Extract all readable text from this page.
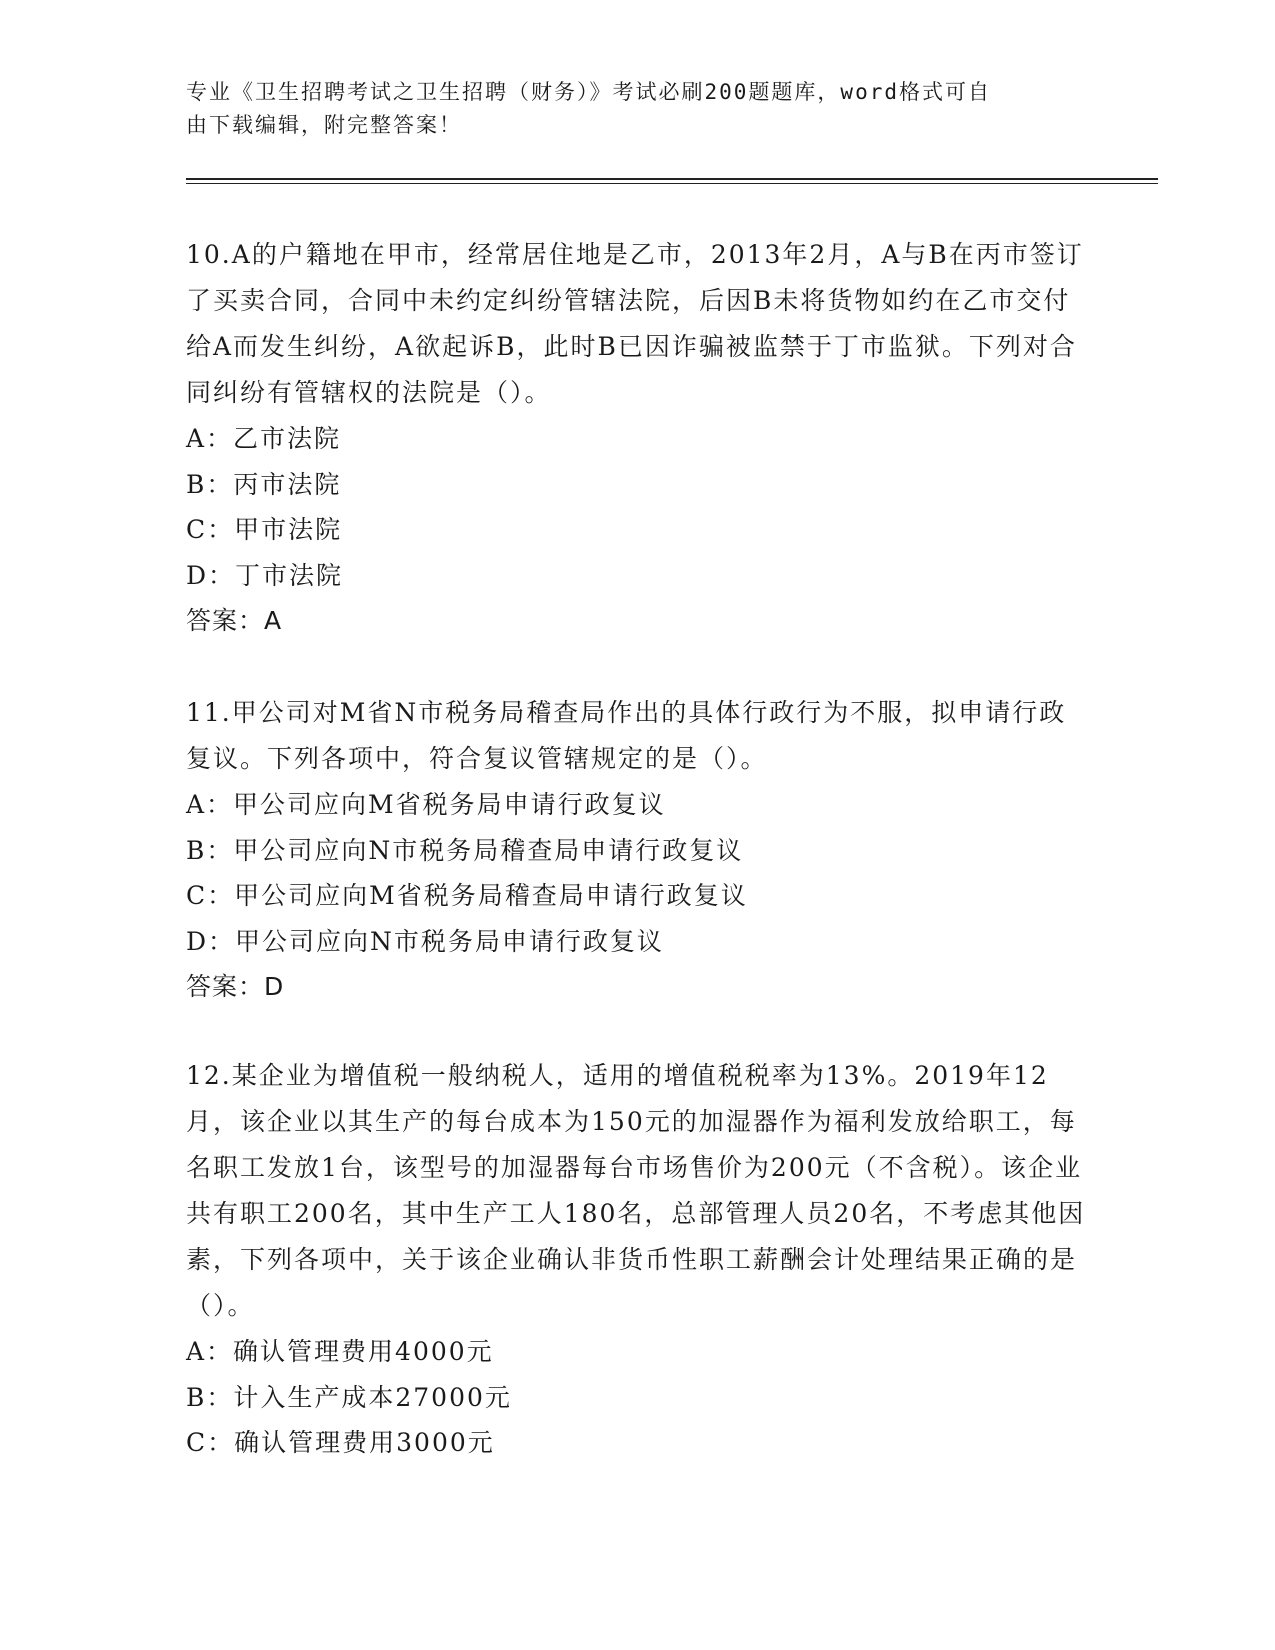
专业《卫生招聘考试之卫生招聘（财务）》考试必刷200题题库，word格式可自
由下载编辑，附完整答案！
10.A的户籍地在甲市，经常居住地是乙市，2013年2月，A与B在丙市签订了买卖合同，合同中未约定纠纷管辖法院，后因B未将货物如约在乙市交付给A而发生纠纷，A欲起诉B，此时B已因诈骗被监禁于丁市监狱。下列对合同纠纷有管辖权的法院是（）。
A：乙市法院
B：丙市法院
C：甲市法院
D：丁市法院
答案：A
11.甲公司对M省N市税务局稽查局作出的具体行政行为不服，拟申请行政复议。下列各项中，符合复议管辖规定的是（）。
A：甲公司应向M省税务局申请行政复议
B：甲公司应向N市税务局稽查局申请行政复议
C：甲公司应向M省税务局稽查局申请行政复议
D：甲公司应向N市税务局申请行政复议
答案：D
12.某企业为增值税一般纳税人，适用的增值税税率为13%。2019年12月，该企业以其生产的每台成本为150元的加湿器作为福利发放给职工，每名职工发放1台，该型号的加湿器每台市场售价为200元（不含税）。该企业共有职工200名，其中生产工人180名，总部管理人员20名，不考虑其他因素，下列各项中，关于该企业确认非货币性职工薪酬会计处理结果正确的是（）。
A：确认管理费用4000元
B：计入生产成本27000元
C：确认管理费用3000元
